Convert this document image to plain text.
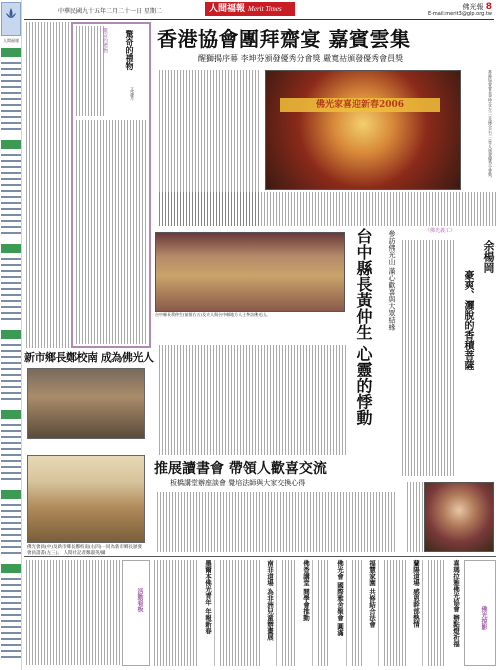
人間福報
中華民國九十五年二月二十一日 星期二	人間福報 Merit Times	佛光報 8
E-mail:merit3@glp.org.tw
驚奇的禮物	驚奇的禮物
文/濾月
新市鄉長鄭校南 成為佛光人
佛光會員(中)及新市鄉長鄭校南(右四)一同為新市鄉長頒發會員證書(左三)。 人間社記者鄭淑英/攝
香港協會團拜齋宴 嘉賓雲集
醒獅揭序幕 李坤芬頒發優秀分會獎 嚴寬祜頒發優秀會員獎
佛光家喜迎新春2006	香港協會會長李坤芬(左二)及傅全(右二)等人頒發優秀分會獎。
台中縣長黃仲生(前排右五)及夫人與台中縣地方人士參訪佛光山。	台中縣長黃仲生 心靈的悸動	參訪佛光山 滿心歡喜與大眾結緣	《佛光義工》
余楊岡
豪爽、灑脫的香積菩薩
推展讀書會 帶領人歡喜交流
板橋講堂辦座談會 覺培法師與大家交換心得
活動看板	墨爾本佛光青年 年報新春	南非道場 為非洲兒童辦畫展	佛香講堂 閱學會推動	佛光會 國際雅舍聚會 圓滿	福慧家園 共修結合法會	蘭陽道場 感恩幹部熱情	喜瑪拉雅佛光協會 辦點燈祈福	佛光掠影
